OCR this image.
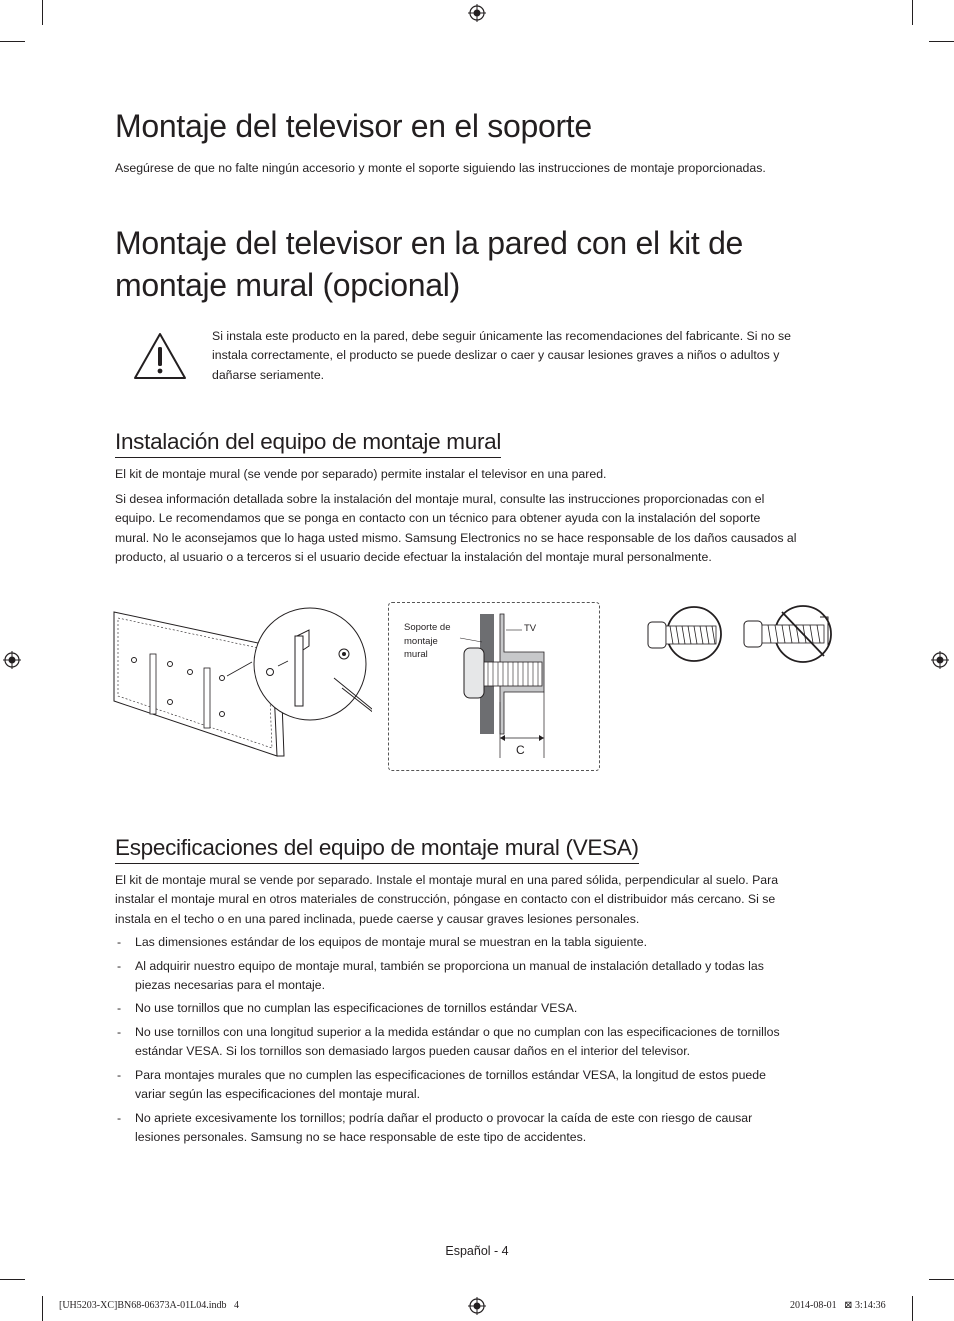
Montaje del televisor en el soporte

Asegúrese de que no falte ningún accesorio y monte el soporte siguiendo las instrucciones de montaje proporcionadas.

Montaje del televisor en la pared con el kit de
montaje mural (opcional)
Si instala este producto en la pared, debe seguir únicamente las recomendaciones del fabricante. Si no se
instala correctamente, el producto se puede deslizar o caer y causar lesiones graves a niños o adultos y
dañarse seriamente.
Instalación del equipo de montaje mural

El kit de montaje mural (se vende por separado) permite instalar el televisor en una pared.

Si desea información detallada sobre la instalación del montaje mural, consulte las instrucciones proporcionadas con el
equipo. Le recomendamos que se ponga en contacto con un técnico para obtener ayuda con la instalación del soporte
mural. No le aconsejamos que lo haga usted mismo. Samsung Electronics no se hace responsable de los daños causados al
producto, al usuario o a terceros si el usuario decide efectuar la instalación del montaje mural personalmente.
Soporte de
montaje
mural
TV
C
Especificaciones del equipo de montaje mural (VESA)
El kit de montaje mural se vende por separado. Instale el montaje mural en una pared sólida, perpendicular al suelo. Para
instalar el montaje mural en otros materiales de construcción, póngase en contacto con el distribuidor más cercano. Si se
instala en el techo o en una pared inclinada, puede caerse y causar graves lesiones personales.
- Las dimensiones estándar de los equipos de montaje mural se muestran en la tabla siguiente.
- Al adquirir nuestro equipo de montaje mural, también se proporciona un manual de instalación detallado y todas las
piezas necesarias para el montaje.
- No use tornillos que no cumplan las especificaciones de tornillos estándar VESA.
- No use tornillos con una longitud superior a la medida estándar o que no cumplan con las especificaciones de tornillos
estándar VESA. Si los tornillos son demasiado largos pueden causar daños en el interior del televisor.
- Para montajes murales que no cumplen las especificaciones de tornillos estándar VESA, la longitud de estos puede
variar según las especificaciones del montaje mural.
- No apriete excesivamente los tornillos; podría dañar el producto o provocar la caída de este con riesgo de causar
lesiones personales. Samsung no se hace responsable de este tipo de accidentes.
Español - 4
[UH5203-XC]BN68-06373A-01L04.indb   4	2014-08-01   ⊠ 3:14:36
